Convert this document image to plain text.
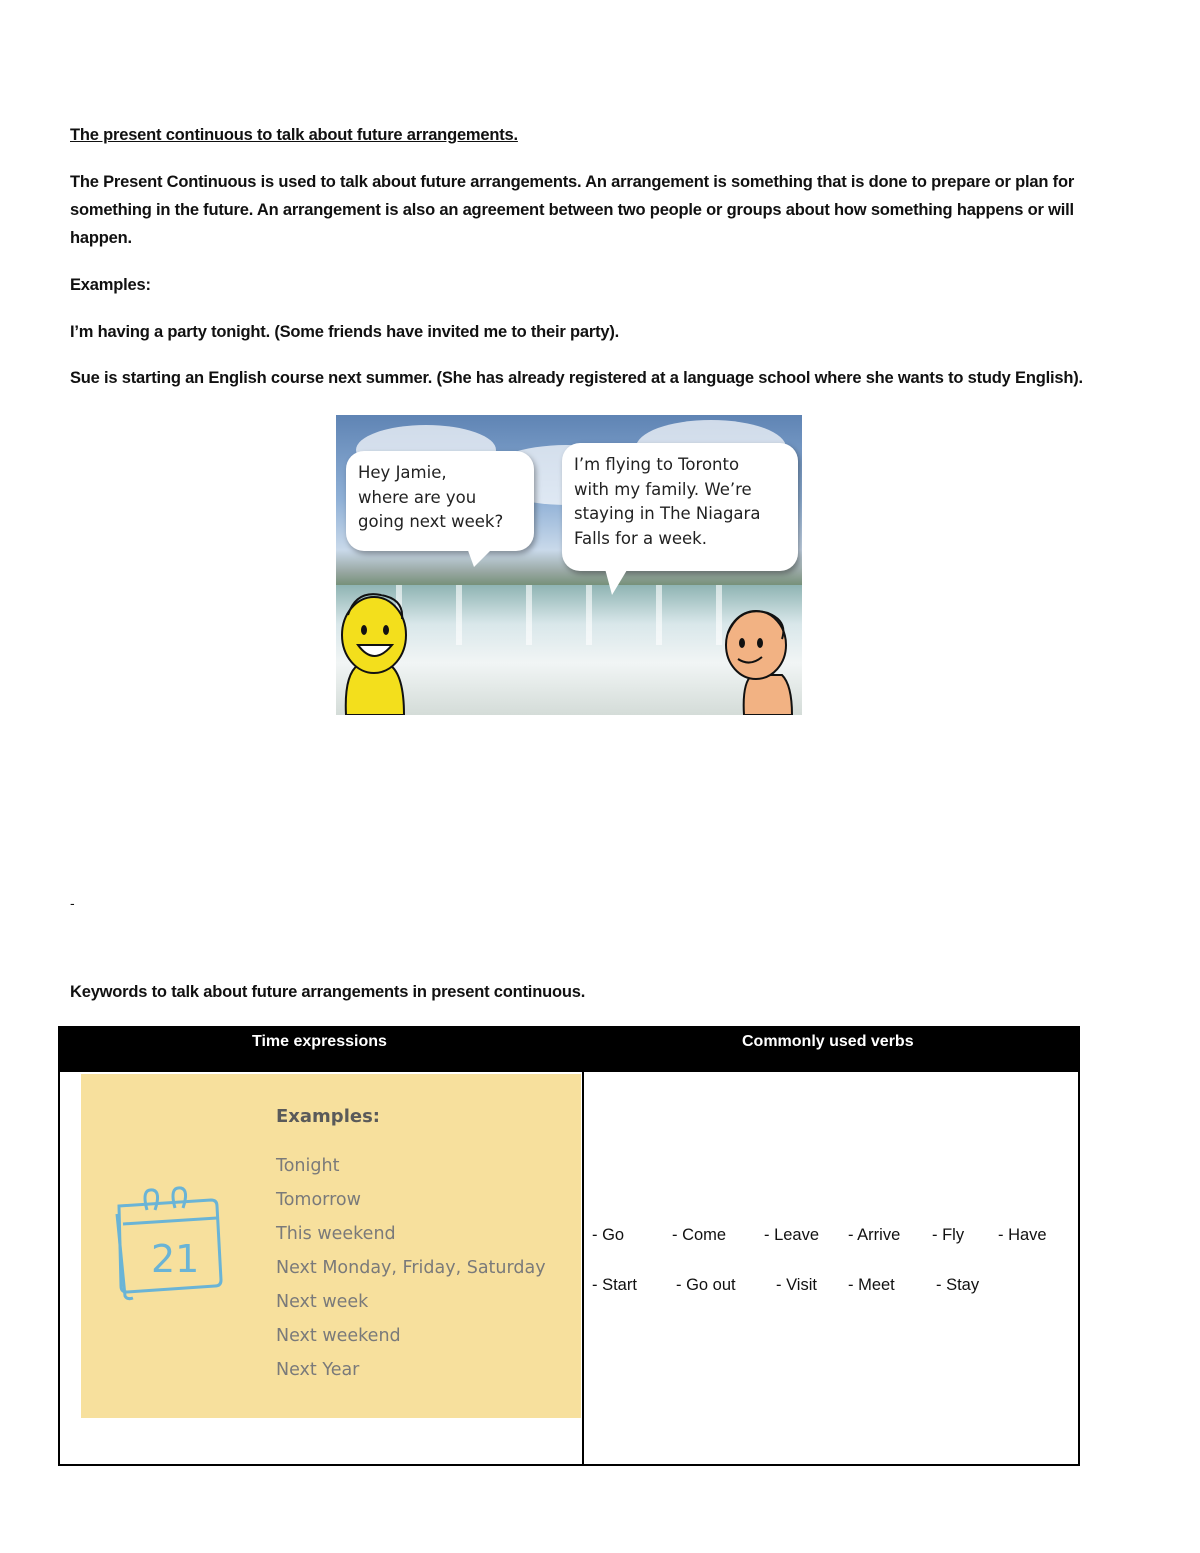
The present continuous to talk about future arrangements.
The Present Continuous is used to talk about future arrangements. An arrangement is something that is done to prepare or plan for something in the future. An arrangement is also an agreement between two people or groups about how something happens or will happen.
Examples:
I’m having a party tonight. (Some friends have invited me to their party).
Sue is starting an English course next summer. (She has already registered at a language school where she wants to study English).
Hey Jamie,
where are you
going next week?
I’m flying to Toronto
with my family. We’re
staying in The Niagara
Falls for a week.
-
Keywords to talk about future arrangements in present continuous.
Time expressions	Commonly used verbs
21
Examples:
Tonight
Tomorrow
This weekend
Next Monday, Friday, Saturday
Next week
Next weekend
Next Year
- Go	- Come - Leave - Arrive - Fly - Have
- Start - Go out - Visit - Meet - Stay
